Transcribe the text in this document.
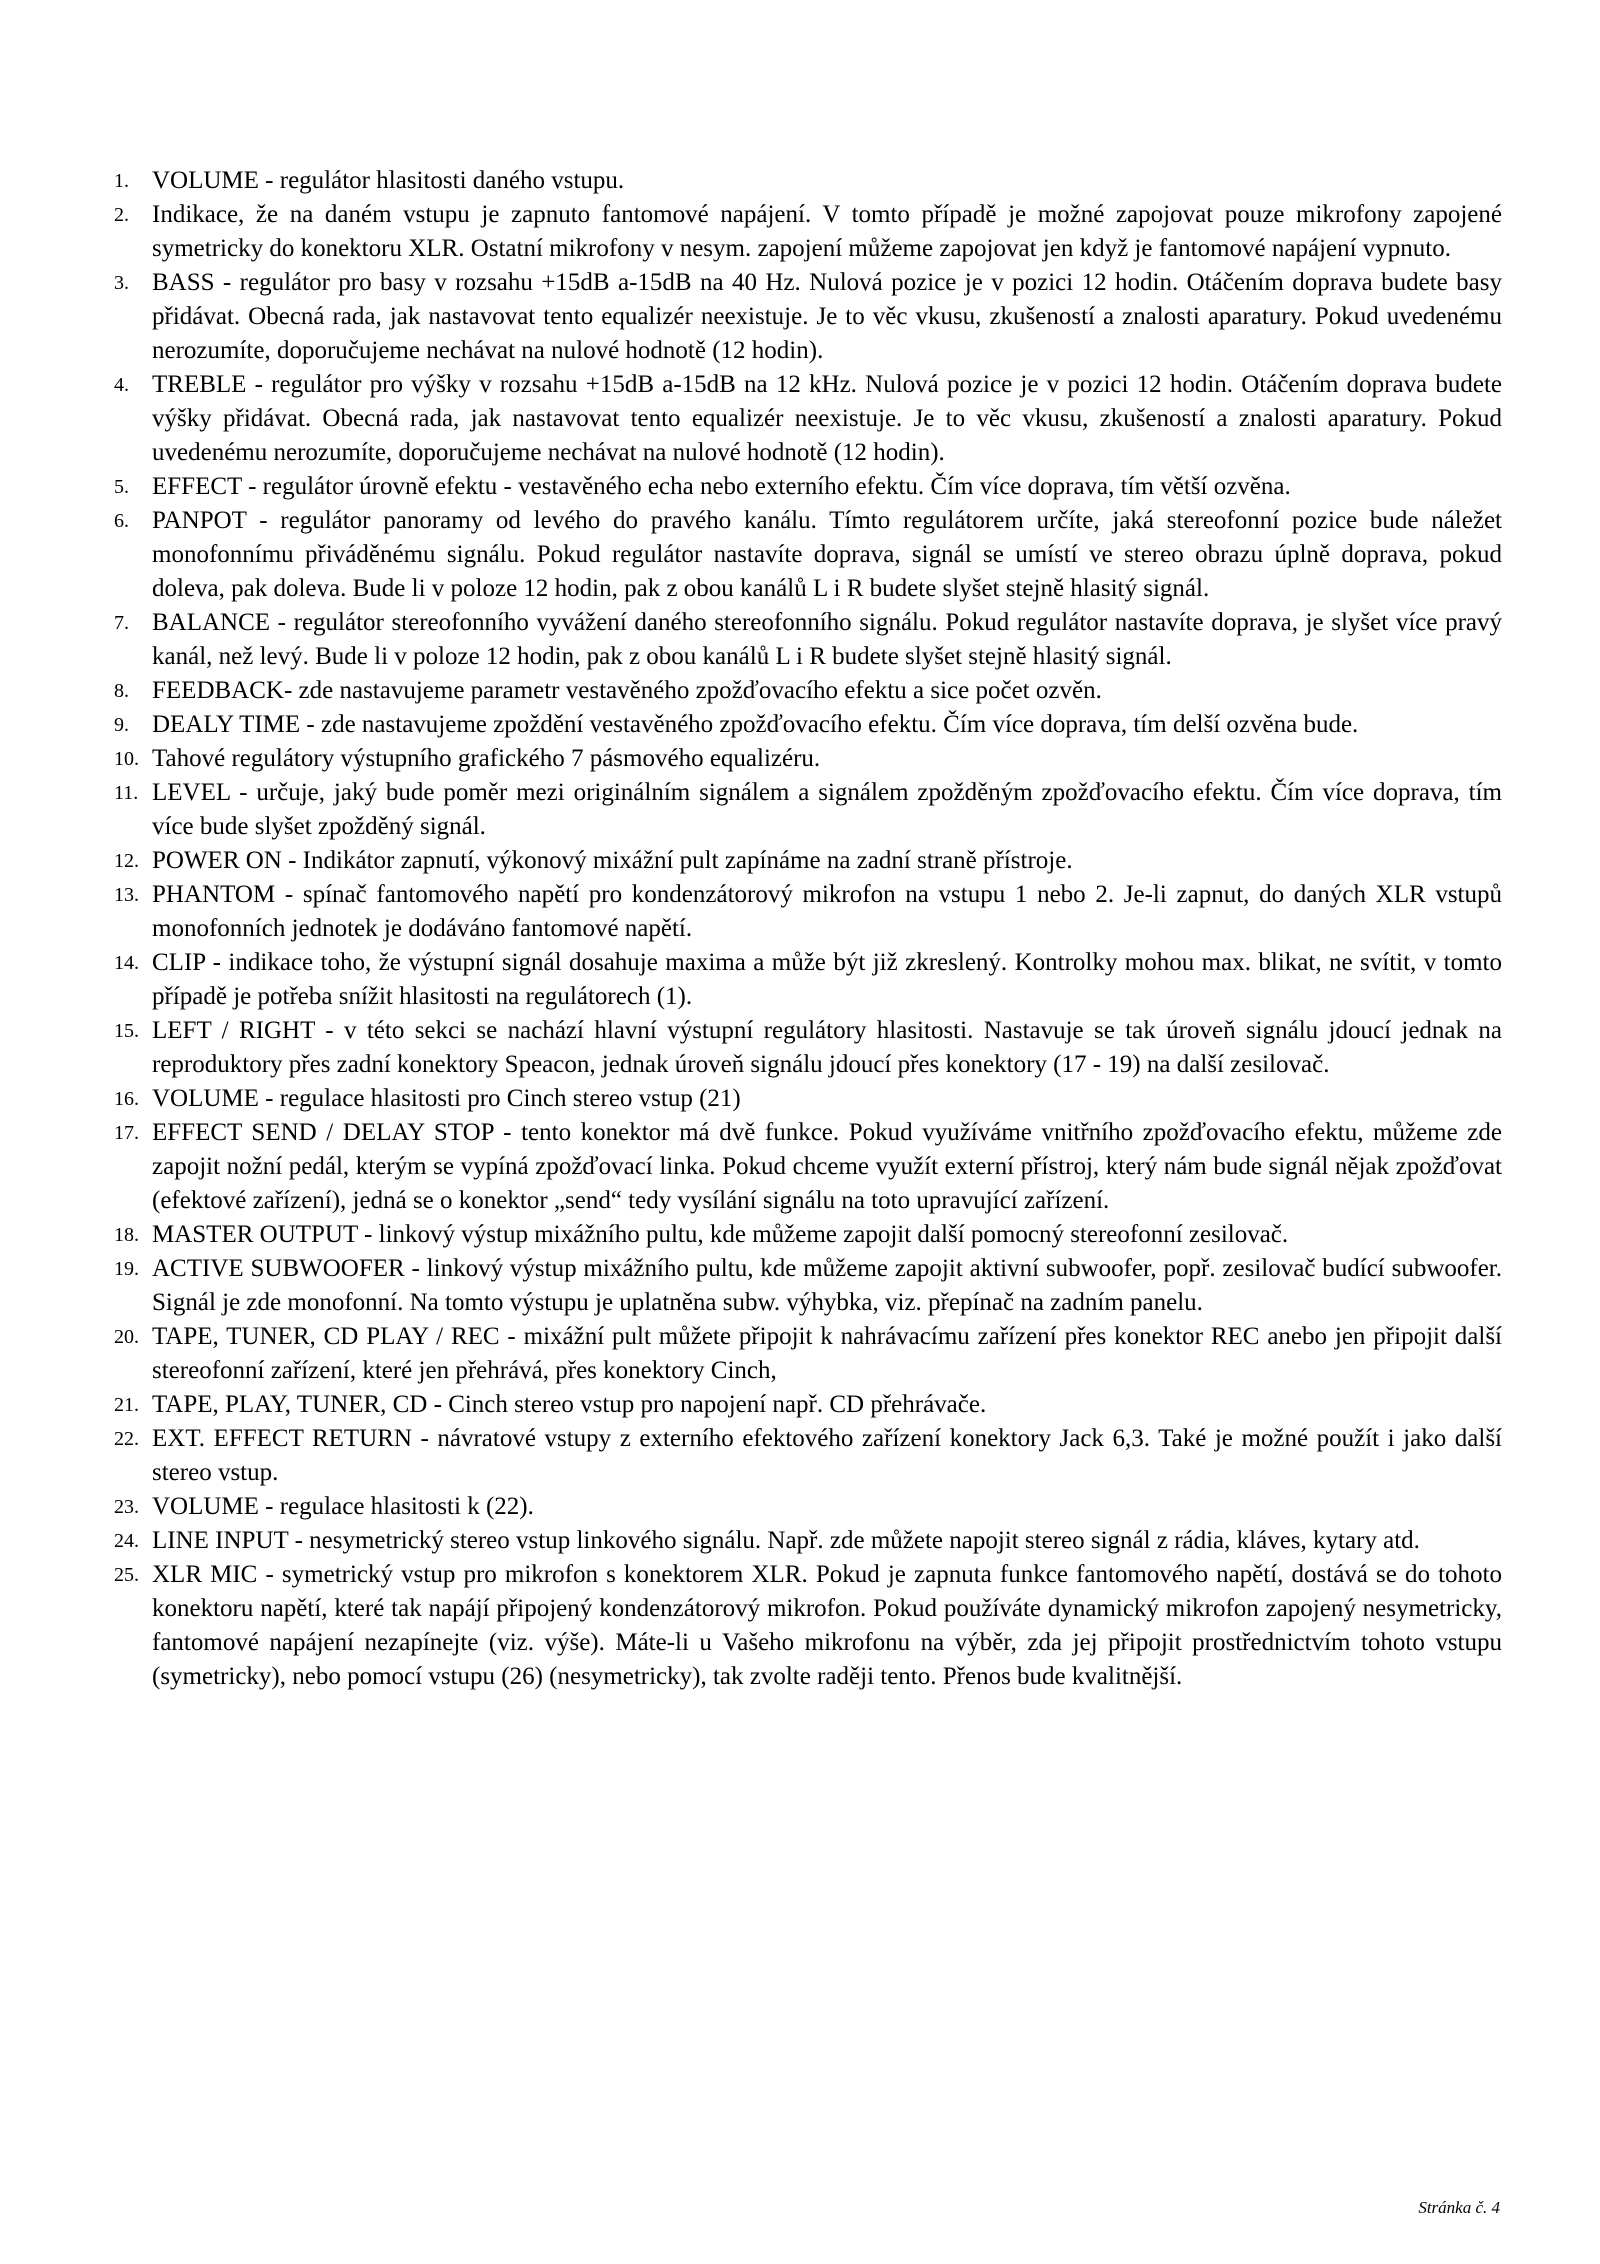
1. VOLUME - regulátor hlasitosti daného vstupu.
2. Indikace, že na daném vstupu je zapnuto fantomové napájení. V tomto případě je možné zapojovat pouze mikrofony zapojené symetricky do konektoru XLR. Ostatní mikrofony v nesym. zapojení můžeme zapojovat jen když je fantomové napájení vypnuto.
3. BASS - regulátor pro basy v rozsahu +15dB a-15dB na 40 Hz. Nulová pozice je v pozici 12 hodin. Otáčením doprava budete basy přidávat. Obecná rada, jak nastavovat tento equalizér neexistuje. Je to věc vkusu, zkušeností a znalosti aparatury. Pokud uvedenému nerozumíte, doporučujeme nechávat na nulové hodnotě (12 hodin).
4. TREBLE - regulátor pro výšky v rozsahu +15dB a-15dB na 12 kHz. Nulová pozice je v pozici 12 hodin. Otáčením doprava budete výšky přidávat. Obecná rada, jak nastavovat tento equalizér neexistuje. Je to věc vkusu, zkušeností a znalosti aparatury. Pokud uvedenému nerozumíte, doporučujeme nechávat na nulové hodnotě (12 hodin).
5. EFFECT - regulátor úrovně efektu - vestavěného echa nebo externího efektu. Čím více doprava, tím větší ozvěna.
6. PANPOT - regulátor panoramy od levého do pravého kanálu. Tímto regulátorem určíte, jaká stereofonní pozice bude náležet monofonnímu přiváděnému signálu. Pokud regulátor nastavíte doprava, signál se umístí ve stereo obrazu úplně doprava, pokud doleva, pak doleva. Bude li v poloze 12 hodin, pak z obou kanálů L i R budete slyšet stejně hlasitý signál.
7. BALANCE - regulátor stereofonního vyvážení daného stereofonního signálu. Pokud regulátor nastavíte doprava, je slyšet více pravý kanál, než levý. Bude li v poloze 12 hodin, pak z obou kanálů L i R budete slyšet stejně hlasitý signál.
8. FEEDBACK- zde nastavujeme parametr vestavěného zpožďovacího efektu a sice počet ozvěn.
9. DEALY TIME - zde nastavujeme zpoždění vestavěného zpožďovacího efektu. Čím více doprava, tím delší ozvěna bude.
10. Tahové regulátory výstupního grafického 7 pásmového equalizéru.
11. LEVEL - určuje, jaký bude poměr mezi originálním signálem a signálem zpožděným zpožďovacího efektu. Čím více doprava, tím více bude slyšet zpožděný signál.
12. POWER ON - Indikátor zapnutí, výkonový mixážní pult zapínáme na zadní straně přístroje.
13. PHANTOM - spínač fantomového napětí pro kondenzátorový mikrofon na vstupu 1 nebo 2. Je-li zapnut, do daných XLR vstupů monofonních jednotek je dodáváno fantomové napětí.
14. CLIP - indikace toho, že výstupní signál dosahuje maxima a může být již zkreslený. Kontrolky mohou max. blikat, ne svítit, v tomto případě je potřeba snížit hlasitosti na regulátorech (1).
15. LEFT / RIGHT - v této sekci se nachází hlavní výstupní regulátory hlasitosti. Nastavuje se tak úroveň signálu jdoucí jednak na reproduktory přes zadní konektory Speacon, jednak úroveň signálu jdoucí přes konektory (17 - 19) na další zesilovač.
16. VOLUME - regulace hlasitosti pro Cinch stereo vstup (21)
17. EFFECT SEND / DELAY STOP - tento konektor má dvě funkce. Pokud využíváme vnitřního zpožďovacího efektu, můžeme zde zapojit nožní pedál, kterým se vypíná zpožďovací linka. Pokud chceme využít externí přístroj, který nám bude signál nějak zpožďovat (efektové zařízení), jedná se o konektor „send“ tedy vysílání signálu na toto upravující zařízení.
18. MASTER OUTPUT - linkový výstup mixážního pultu, kde můžeme zapojit další pomocný stereofonní zesilovač.
19. ACTIVE SUBWOOFER - linkový výstup mixážního pultu, kde můžeme zapojit aktivní subwoofer, popř. zesilovač budící subwoofer. Signál je zde monofonní. Na tomto výstupu je uplatněna subw. výhybka, viz. přepínač na zadním panelu.
20. TAPE, TUNER, CD PLAY / REC - mixážní pult můžete připojit k nahrávacímu zařízení přes konektor REC anebo jen připojit další stereofonní zařízení, které jen přehrává, přes konektory Cinch,
21. TAPE, PLAY, TUNER, CD - Cinch stereo vstup pro napojení např. CD přehrávače.
22. EXT. EFFECT RETURN - návratové vstupy z externího efektového zařízení konektory Jack 6,3. Také je možné použít i jako další stereo vstup.
23. VOLUME - regulace hlasitosti k (22).
24. LINE INPUT - nesymetrický stereo vstup linkového signálu. Např. zde můžete napojit stereo signál z rádia, kláves, kytary atd.
25. XLR MIC - symetrický vstup pro mikrofon s konektorem XLR. Pokud je zapnuta funkce fantomového napětí, dostává se do tohoto konektoru napětí, které tak napájí připojený kondenzátorový mikrofon. Pokud používáte dynamický mikrofon zapojený nesymetricky, fantomové napájení nezapínejte (viz. výše). Máte-li u Vašeho mikrofonu na výběr, zda jej připojit prostřednictvím tohoto vstupu (symetricky), nebo pomocí vstupu (26) (nesymetricky), tak zvolte raději tento. Přenos bude kvalitnější.
Stránka č. 4
